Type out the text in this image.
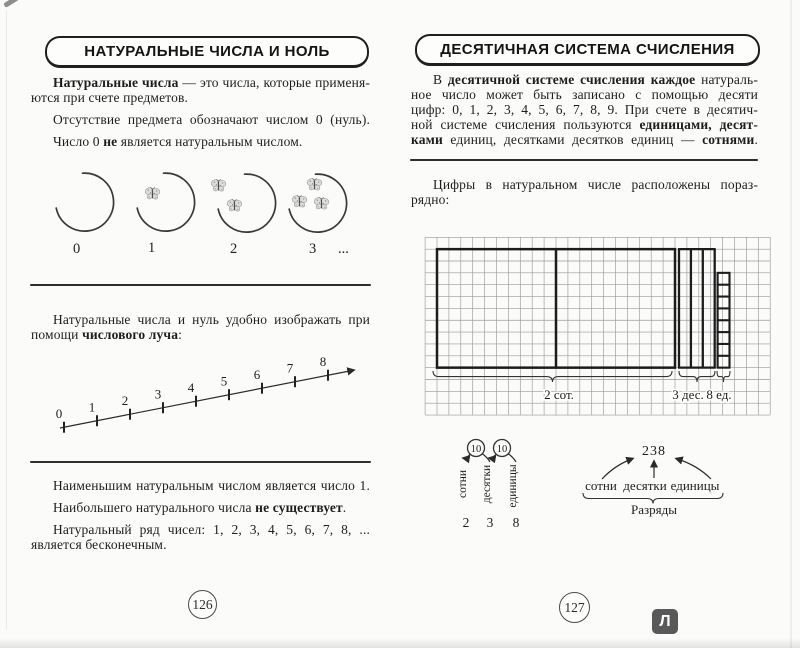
НАТУРАЛЬНЫЕ ЧИСЛА И НОЛЬ
Натуральные числа — это числа, которые применя-
ются при счете предметов.
Отсутствие предмета обозначают числом 0 (нуль).
Число 0 не является натуральным числом.
0	1	2	3 ...
Натуральные числа и нуль удобно изображать при
помощи числового луча:
0 1 2 3 4 5 6 7 8
Наименьшим натуральным числом является число 1.
Наибольшего натурального числа не существует.
Натуральный ряд чисел: 1, 2, 3, 4, 5, 6, 7, 8, ...
является бесконечным.
126
ДЕСЯТИЧНАЯ СИСТЕМА СЧИСЛЕНИЯ
В десятичной системе счисления каждое натураль-
ное число может быть записано с помощью десяти
цифр: 0, 1, 2, 3, 4, 5, 6, 7, 8, 9. При счете в десятич-
ной системе счисления пользуются единицами, десят-
ками единиц, десятками десятков единиц — сотнями.
Цифры в натуральном числе расположены пораз-
рядно:
2 сот.	3 дес. 8 ед.
10 10
сотни десятки единицы
2 3 8
238
сотни десятки единицы
Разряды
127
Л
